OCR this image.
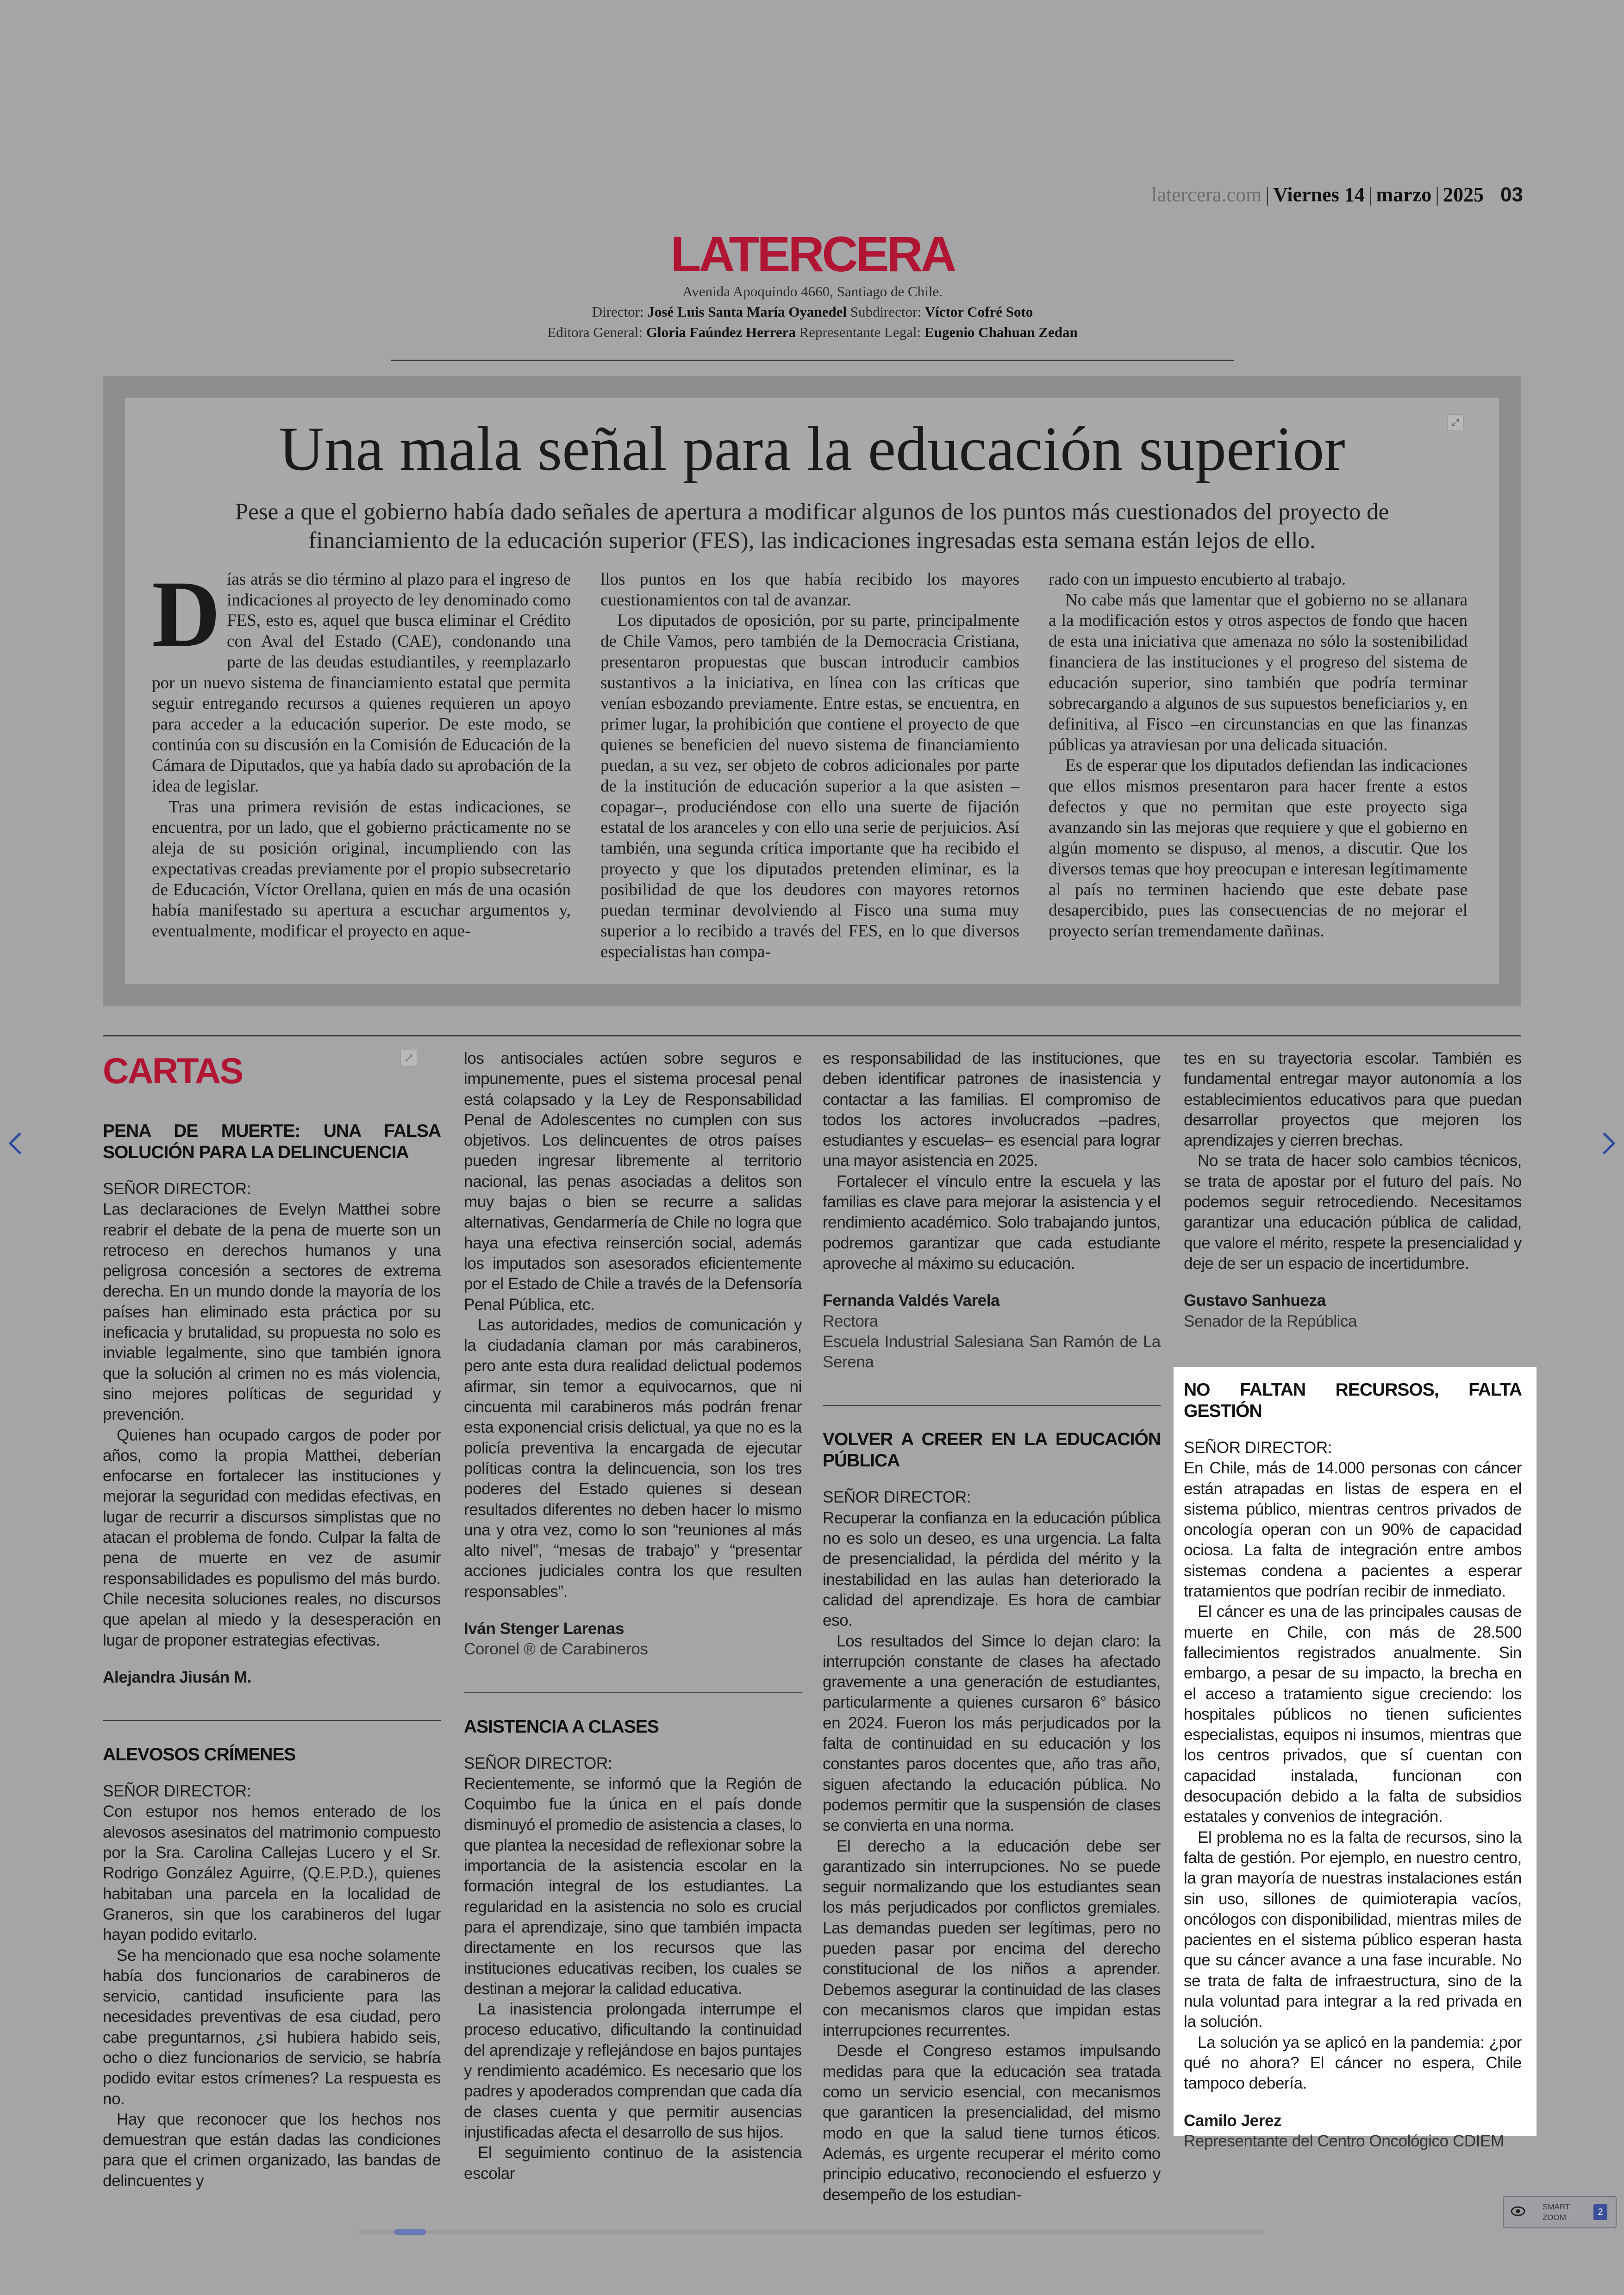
latercera.com | Viernes 14 | marzo | 2025 03
LATERCERA
Avenida Apoquindo 4660, Santiago de Chile.
Director: José Luis Santa María Oyanedel Subdirector: Víctor Cofré Soto
Editora General: Gloria Faúndez Herrera Representante Legal: Eugenio Chahuan Zedan
⤢
Una mala señal para la educación superior
Pese a que el gobierno había dado señales de apertura a modificar algunos de los puntos más cuestionados del proyecto de financiamiento de la educación superior (FES), las indicaciones ingresadas esta semana están lejos de ello.
D ías atrás se dio término al plazo para el ingreso de indicaciones al proyecto de ley denominado como FES, esto es, aquel que busca eliminar el Crédito con Aval del Estado (CAE), condonando una parte de las deudas estudiantiles, y reemplazarlo por un nuevo sistema de financiamiento estatal que permita seguir entregando recursos a quienes requieren un apoyo para acceder a la educación superior. De este modo, se continúa con su discusión en la Comisión de Educación de la Cámara de Diputados, que ya había dado su aprobación de la idea de legislar.

Tras una primera revisión de estas indicaciones, se encuentra, por un lado, que el gobierno prácticamente no se aleja de su posición original, incumpliendo con las expectativas creadas previamente por el propio subsecretario de Educación, Víctor Orellana, quien en más de una ocasión había manifestado su apertura a escuchar argumentos y, eventualmente, modificar el proyecto en aque-

llos puntos en los que había recibido los mayores cuestionamientos con tal de avanzar.

Los diputados de oposición, por su parte, principalmente de Chile Vamos, pero también de la Democracia Cristiana, presentaron propuestas que buscan introducir cambios sustantivos a la iniciativa, en línea con las críticas que venían esbozando previamente. Entre estas, se encuentra, en primer lugar, la prohibición que contiene el proyecto de que quienes se beneficien del nuevo sistema de financiamiento puedan, a su vez, ser objeto de cobros adicionales por parte de la institución de educación superior a la que asisten –copagar–, produciéndose con ello una suerte de fijación estatal de los aranceles y con ello una serie de perjuicios. Así también, una segunda crítica importante que ha recibido el proyecto y que los diputados pretenden eliminar, es la posibilidad de que los deudores con mayores retornos puedan terminar devolviendo al Fisco una suma muy superior a lo recibido a través del FES, en lo que diversos especialistas han compa-

rado con un impuesto encubierto al trabajo.

No cabe más que lamentar que el gobierno no se allanara a la modificación estos y otros aspectos de fondo que hacen de esta una iniciativa que amenaza no sólo la sostenibilidad financiera de las instituciones y el progreso del sistema de educación superior, sino también que podría terminar sobrecargando a algunos de sus supuestos beneficiarios y, en definitiva, al Fisco –en circunstancias en que las finanzas públicas ya atraviesan por una delicada situación.

Es de esperar que los diputados defiendan las indicaciones que ellos mismos presentaron para hacer frente a estos defectos y que no permitan que este proyecto siga avanzando sin las mejoras que requiere y que el gobierno en algún momento se dispuso, al menos, a discutir. Que los diversos temas que hoy preocupan e interesan legítimamente al país no terminen haciendo que este debate pase desapercibido, pues las consecuencias de no mejorar el proyecto serían tremendamente dañinas.

CARTAS
PENA DE MUERTE: UNA FALSA SOLUCIÓN PARA LA DELINCUENCIA
SEÑOR DIRECTOR:

Las declaraciones de Evelyn Matthei sobre reabrir el debate de la pena de muerte son un retroceso en derechos humanos y una peligrosa concesión a sectores de extrema derecha. En un mundo donde la mayoría de los países han eliminado esta práctica por su ineficacia y brutalidad, su propuesta no solo es inviable legalmente, sino que también ignora que la solución al crimen no es más violencia, sino mejores políticas de seguridad y prevención.

Quienes han ocupado cargos de poder por años, como la propia Matthei, deberían enfocarse en fortalecer las instituciones y mejorar la seguridad con medidas efectivas, en lugar de recurrir a discursos simplistas que no atacan el problema de fondo. Culpar la falta de pena de muerte en vez de asumir responsabilidades es populismo del más burdo. Chile necesita soluciones reales, no discursos que apelan al miedo y la desesperación en lugar de proponer estrategias efectivas.

Alejandra Jiusán M.
ALEVOSOS CRÍMENES
SEÑOR DIRECTOR:

Con estupor nos hemos enterado de los alevosos asesinatos del matrimonio compuesto por la Sra. Carolina Callejas Lucero y el Sr. Rodrigo González Aguirre, (Q.E.P.D.), quienes habitaban una parcela en la localidad de Graneros, sin que los carabineros del lugar hayan podido evitarlo.

Se ha mencionado que esa noche solamente había dos funcionarios de carabineros de servicio, cantidad insuficiente para las necesidades preventivas de esa ciudad, pero cabe preguntarnos, ¿si hubiera habido seis, ocho o diez funcionarios de servicio, se habría podido evitar estos crímenes? La respuesta es no.

Hay que reconocer que los hechos nos demuestran que están dadas las condiciones para que el crimen organizado, las bandas de delincuentes y

⤢	los antisociales actúen sobre seguros e impunemente, pues el sistema procesal penal está colapsado y la Ley de Responsabilidad Penal de Adolescentes no cumplen con sus objetivos. Los delincuentes de otros países pueden ingresar libremente al territorio nacional, las penas asociadas a delitos son muy bajas o bien se recurre a salidas alternativas, Gendarmería de Chile no logra que haya una efectiva reinserción social, además los imputados son asesorados eficientemente por el Estado de Chile a través de la Defensoría Penal Pública, etc.

Las autoridades, medios de comunicación y la ciudadanía claman por más carabineros, pero ante esta dura realidad delictual podemos afirmar, sin temor a equivocarnos, que ni cincuenta mil carabineros más podrán frenar esta exponencial crisis delictual, ya que no es la policía preventiva la encargada de ejecutar políticas contra la delincuencia, son los tres poderes del Estado quienes si desean resultados diferentes no deben hacer lo mismo una y otra vez, como lo son “reuniones al más alto nivel”, “mesas de trabajo” y “presentar acciones judiciales contra los que resulten responsables”.

Iván Stenger Larenas
Coronel ® de Carabineros
ASISTENCIA A CLASES
SEÑOR DIRECTOR:

Recientemente, se informó que la Región de Coquimbo fue la única en el país donde disminuyó el promedio de asistencia a clases, lo que plantea la necesidad de reflexionar sobre la importancia de la asistencia escolar en la formación integral de los estudiantes. La regularidad en la asistencia no solo es crucial para el aprendizaje, sino que también impacta directamente en los recursos que las instituciones educativas reciben, los cuales se destinan a mejorar la calidad educativa.

La inasistencia prolongada interrumpe el proceso educativo, dificultando la continuidad del aprendizaje y reflejándose en bajos puntajes y rendimiento académico. Es necesario que los padres y apoderados comprendan que cada día de clases cuenta y que permitir ausencias injustificadas afecta el desarrollo de sus hijos.

El seguimiento continuo de la asistencia escolar

es responsabilidad de las instituciones, que deben identificar patrones de inasistencia y contactar a las familias. El compromiso de todos los actores involucrados –padres, estudiantes y escuelas– es esencial para lograr una mayor asistencia en 2025.

Fortalecer el vínculo entre la escuela y las familias es clave para mejorar la asistencia y el rendimiento académico. Solo trabajando juntos, podremos garantizar que cada estudiante aproveche al máximo su educación.

Fernanda Valdés Varela
Rectora
Escuela Industrial Salesiana San Ramón de La Serena
VOLVER A CREER EN LA EDUCACIÓN PÚBLICA
SEÑOR DIRECTOR:

Recuperar la confianza en la educación pública no es solo un deseo, es una urgencia. La falta de presencialidad, la pérdida del mérito y la inestabilidad en las aulas han deteriorado la calidad del aprendizaje. Es hora de cambiar eso.

Los resultados del Simce lo dejan claro: la interrupción constante de clases ha afectado gravemente a una generación de estudiantes, particularmente a quienes cursaron 6° básico en 2024. Fueron los más perjudicados por la falta de continuidad en su educación y los constantes paros docentes que, año tras año, siguen afectando la educación pública. No podemos permitir que la suspensión de clases se convierta en una norma.

El derecho a la educación debe ser garantizado sin interrupciones. No se puede seguir normalizando que los estudiantes sean los más perjudicados por conflictos gremiales. Las demandas pueden ser legítimas, pero no pueden pasar por encima del derecho constitucional de los niños a aprender. Debemos asegurar la continuidad de las clases con mecanismos claros que impidan estas interrupciones recurrentes.

Desde el Congreso estamos impulsando medidas para que la educación sea tratada como un servicio esencial, con mecanismos que garanticen la presencialidad, del mismo modo en que la salud tiene turnos éticos. Además, es urgente recuperar el mérito como principio educativo, reconociendo el esfuerzo y desempeño de los estudian-

tes en su trayectoria escolar. También es fundamental entregar mayor autonomía a los establecimientos educativos para que puedan desarrollar proyectos que mejoren los aprendizajes y cierren brechas.

No se trata de hacer solo cambios técnicos, se trata de apostar por el futuro del país. No podemos seguir retrocediendo. Necesitamos garantizar una educación pública de calidad, que valore el mérito, respete la presencialidad y deje de ser un espacio de incertidumbre.

Gustavo Sanhueza
Senador de la República
NO FALTAN RECURSOS, FALTA GESTIÓN
SEÑOR DIRECTOR:

En Chile, más de 14.000 personas con cáncer están atrapadas en listas de espera en el sistema público, mientras centros privados de oncología operan con un 90% de capacidad ociosa. La falta de integración entre ambos sistemas condena a pacientes a esperar tratamientos que podrían recibir de inmediato.

El cáncer es una de las principales causas de muerte en Chile, con más de 28.500 fallecimientos registrados anualmente. Sin embargo, a pesar de su impacto, la brecha en el acceso a tratamiento sigue creciendo: los hospitales públicos no tienen suficientes especialistas, equipos ni insumos, mientras que los centros privados, que sí cuentan con capacidad instalada, funcionan con desocupación debido a la falta de subsidios estatales y convenios de integración.

El problema no es la falta de recursos, sino la falta de gestión. Por ejemplo, en nuestro centro, la gran mayoría de nuestras instalaciones están sin uso, sillones de quimioterapia vacíos, oncólogos con disponibilidad, mientras miles de pacientes en el sistema público esperan hasta que su cáncer avance a una fase incurable. No se trata de falta de infraestructura, sino de la nula voluntad para integrar a la red privada en la solución.

La solución ya se aplicó en la pandemia: ¿por qué no ahora? El cáncer no espera, Chile tampoco debería.

Camilo Jerez
Representante del Centro Oncológico CDIEM
SMART ZOOM
2
